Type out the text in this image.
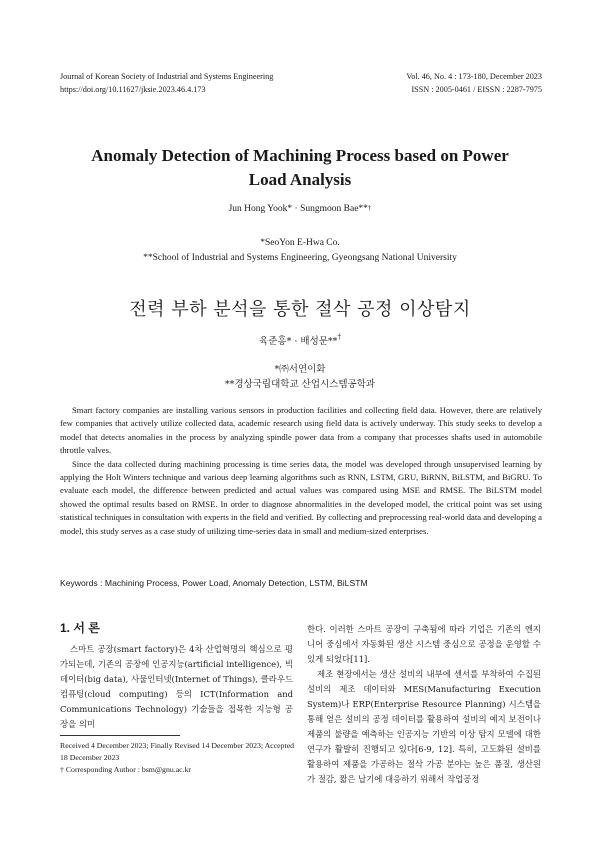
Journal of Korean Society of Industrial and Systems Engineering
https://doi.org/10.11627/jksie.2023.46.4.173
Vol. 46, No. 4 : 173-180, December 2023
ISSN : 2005-0461 / EISSN : 2287-7975
Anomaly Detection of Machining Process based on Power
Load Analysis
Jun Hong Yook* · Sungmoon Bae**†
*SeoYon E-Hwa Co.
**School of Industrial and Systems Engineering, Gyeongsang National University
전력 부하 분석을 통한 절삭 공정 이상탐지
육준홍* · 배성문**†
*㈜서연이화
**경상국립대학교 산업시스템공학과

Smart factory companies are installing various sensors in production facilities and collecting field data. However, there are relatively few companies that actively utilize collected data, academic research using field data is actively underway. This study seeks to develop a model that detects anomalies in the process by analyzing spindle power data from a company that processes shafts used in automobile throttle valves.

Since the data collected during machining processing is time series data, the model was developed through unsupervised learning by applying the Holt Winters technique and various deep learning algorithms such as RNN, LSTM, GRU, BiRNN, BiLSTM, and BiGRU. To evaluate each model, the difference between predicted and actual values was compared using MSE and RMSE. The BiLSTM model showed the optimal results based on RMSE. In order to diagnose abnormalities in the developed model, the critical point was set using statistical techniques in consultation with experts in the field and verified. By collecting and preprocessing real-world data and developing a model, this study serves as a case study of utilizing time-series data in small and medium-sized enterprises.

Keywords : Machining Process, Power Load, Anomaly Detection, LSTM, BiLSTM
1. 서 론

스마트 공장(smart factory)은 4차 산업혁명의 핵심으로 평가되는데, 기존의 공장에 인공지능(artificial intelligence), 빅데이터(big data), 사물인터넷(Internet of Things), 클라우드 컴퓨팅(cloud computing) 등의 ICT(Information and Communications Technology) 기술들을 접목한 지능형 공장을 의미

한다. 이러한 스마트 공장이 구축됨에 따라 기업은 기존의 엔지니어 중심에서 자동화된 생산 시스템 중심으로 공정을 운영할 수 있게 되었다[11].

제조 현장에서는 생산 설비의 내부에 센서를 부착하여 수집된 설비의 제조 데이터와 MES(Manufacturing Execution System)나 ERP(Enterprise Resource Planning) 시스템을 통해 얻은 설비의 공정 데이터를 활용하여 설비의 예지 보전이나 제품의 불량을 예측하는 인공지능 기반의 이상 탐지 모델에 대한 연구가 활발히 진행되고 있다[6-9, 12]. 특히, 고도화된 설비를 활용하여 제품을 가공하는 절삭 가공 분야는 높은 품질, 생산원가 절감, 짧은 납기에 대응하기 위해서 작업공정

Received 4 December 2023; Finally Revised 14 December 2023; Accepted 18 December 2023
† Corresponding Author : bsm@gnu.ac.kr
